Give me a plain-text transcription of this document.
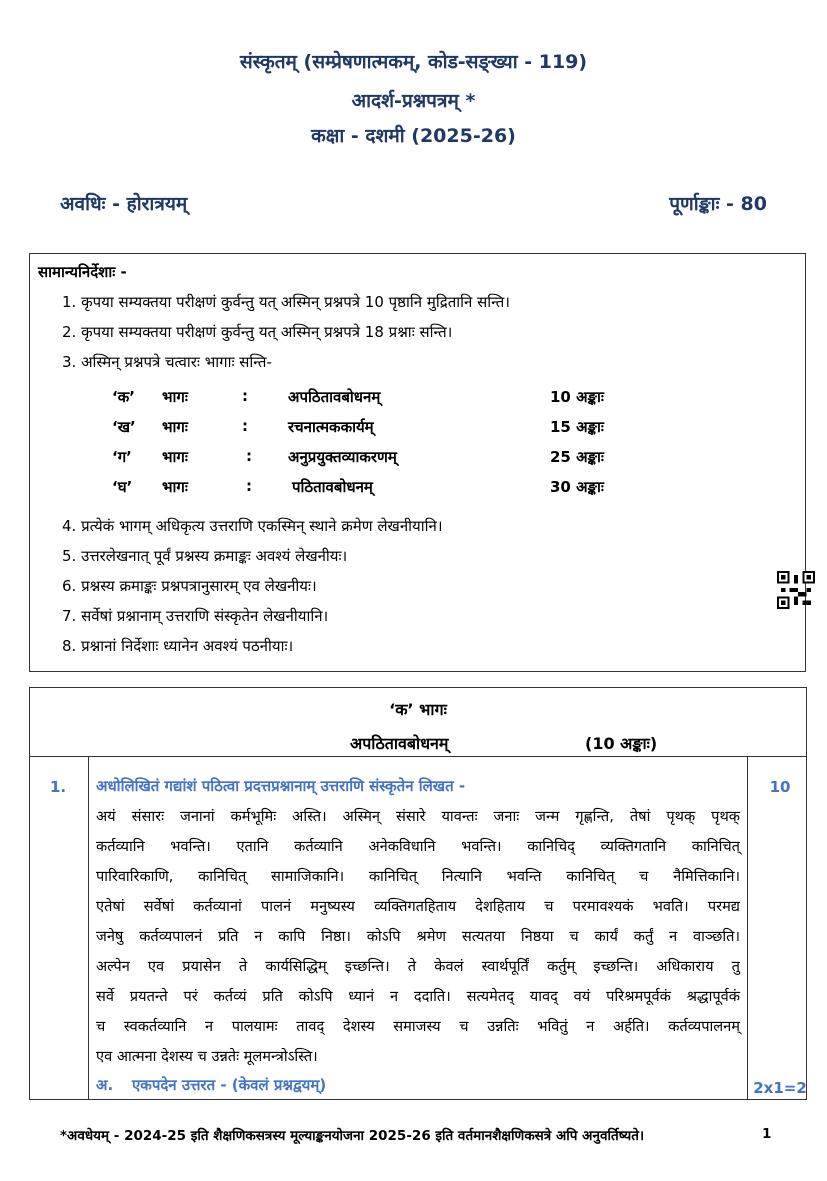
संस्कृतम् (सम्प्रेषणात्मकम्, कोड-सङ्ख्या - 119)
आदर्श-प्रश्नपत्रम् *
कक्षा - दशमी (2025-26)
अवधिः - होरात्रयम्	पूर्णाङ्काः - 80
सामान्यनिर्देशाः -
1. कृपया सम्यक्तया परीक्षणं कुर्वन्तु यत् अस्मिन् प्रश्नपत्रे 10 पृष्ठानि मुद्रितानि सन्ति।
2. कृपया सम्यक्तया परीक्षणं कुर्वन्तु यत् अस्मिन् प्रश्नपत्रे 18 प्रश्नाः सन्ति।
3. अस्मिन् प्रश्नपत्रे चत्वारः भागाः सन्ति-
‘क’ भागः	:	अपठितावबोधनम्	10 अङ्काः
‘ख’ भागः	:	रचनात्मककार्यम्	15 अङ्काः
‘ग’ भागः	: अनुप्रयुक्तव्याकरणम्	25 अङ्काः
‘घ’ भागः	:	पठितावबोधनम्	30 अङ्काः
4. प्रत्येकं भागम् अधिकृत्य उत्तराणि एकस्मिन् स्थाने क्रमेण लेखनीयानि।
5. उत्तरलेखनात् पूर्वं प्रश्नस्य क्रमाङ्कः अवश्यं लेखनीयः।
6. प्रश्नस्य क्रमाङ्कः प्रश्नपत्रानुसारम् एव लेखनीयः।
7. सर्वेषां प्रश्नानाम् उत्तराणि संस्कृतेन लेखनीयानि।
8. प्रश्नानां निर्देशाः ध्यानेन अवश्यं पठनीयाः।
‘क’ भागः
अपठितावबोधनम्	(10 अङ्काः)
1. अधोलिखितं गद्यांशं पठित्वा प्रदत्तप्रश्नानाम् उत्तराणि संस्कृतेन लिखत -	10
अयं संसारः जनानां कर्मभूमिः अस्ति। अस्मिन् संसारे यावन्तः जनाः जन्म गृह्णन्ति, तेषां पृथक् पृथक्
कर्तव्यानि भवन्ति। एतानि कर्तव्यानि अनेकविधानि भवन्ति। कानिचिद् व्यक्तिगतानि कानिचित्
पारिवारिकाणि, कानिचित् सामाजिकानि। कानिचित् नित्यानि भवन्ति कानिचित् च नैमित्तिकानि।
एतेषां सर्वेषां कर्तव्यानां पालनं मनुष्यस्य व्यक्तिगतहिताय देशहिताय च परमावश्यकं भवति। परमद्य
जनेषु कर्तव्यपालनं प्रति न कापि निष्ठा। कोऽपि श्रमेण सत्यतया निष्ठया च कार्यं कर्तुं न वाञ्छति।
अल्पेन एव प्रयासेन ते कार्यसिद्धिम् इच्छन्ति। ते केवलं स्वार्थपूर्तिं कर्तुम् इच्छन्ति। अधिकाराय तु
सर्वे प्रयतन्ते परं कर्तव्यं प्रति कोऽपि ध्यानं न ददाति। सत्यमेतद् यावद् वयं परिश्रमपूर्वकं श्रद्धापूर्वकं
च स्वकर्तव्यानि न पालयामः तावद् देशस्य समाजस्य च उन्नतिः भवितुं न अर्हति। कर्तव्यपालनम्
एव आत्मना देशस्य च उन्नतेः मूलमन्त्रोऽस्ति।
अ. एकपदेन उत्तरत - (केवलं प्रश्नद्वयम्)	2x1=2
*अवधेयम् - 2024-25 इति शैक्षणिकसत्रस्य मूल्याङ्कनयोजना 2025-26 इति वर्तमानशैक्षणिकसत्रे अपि अनुवर्तिष्यते।	1
